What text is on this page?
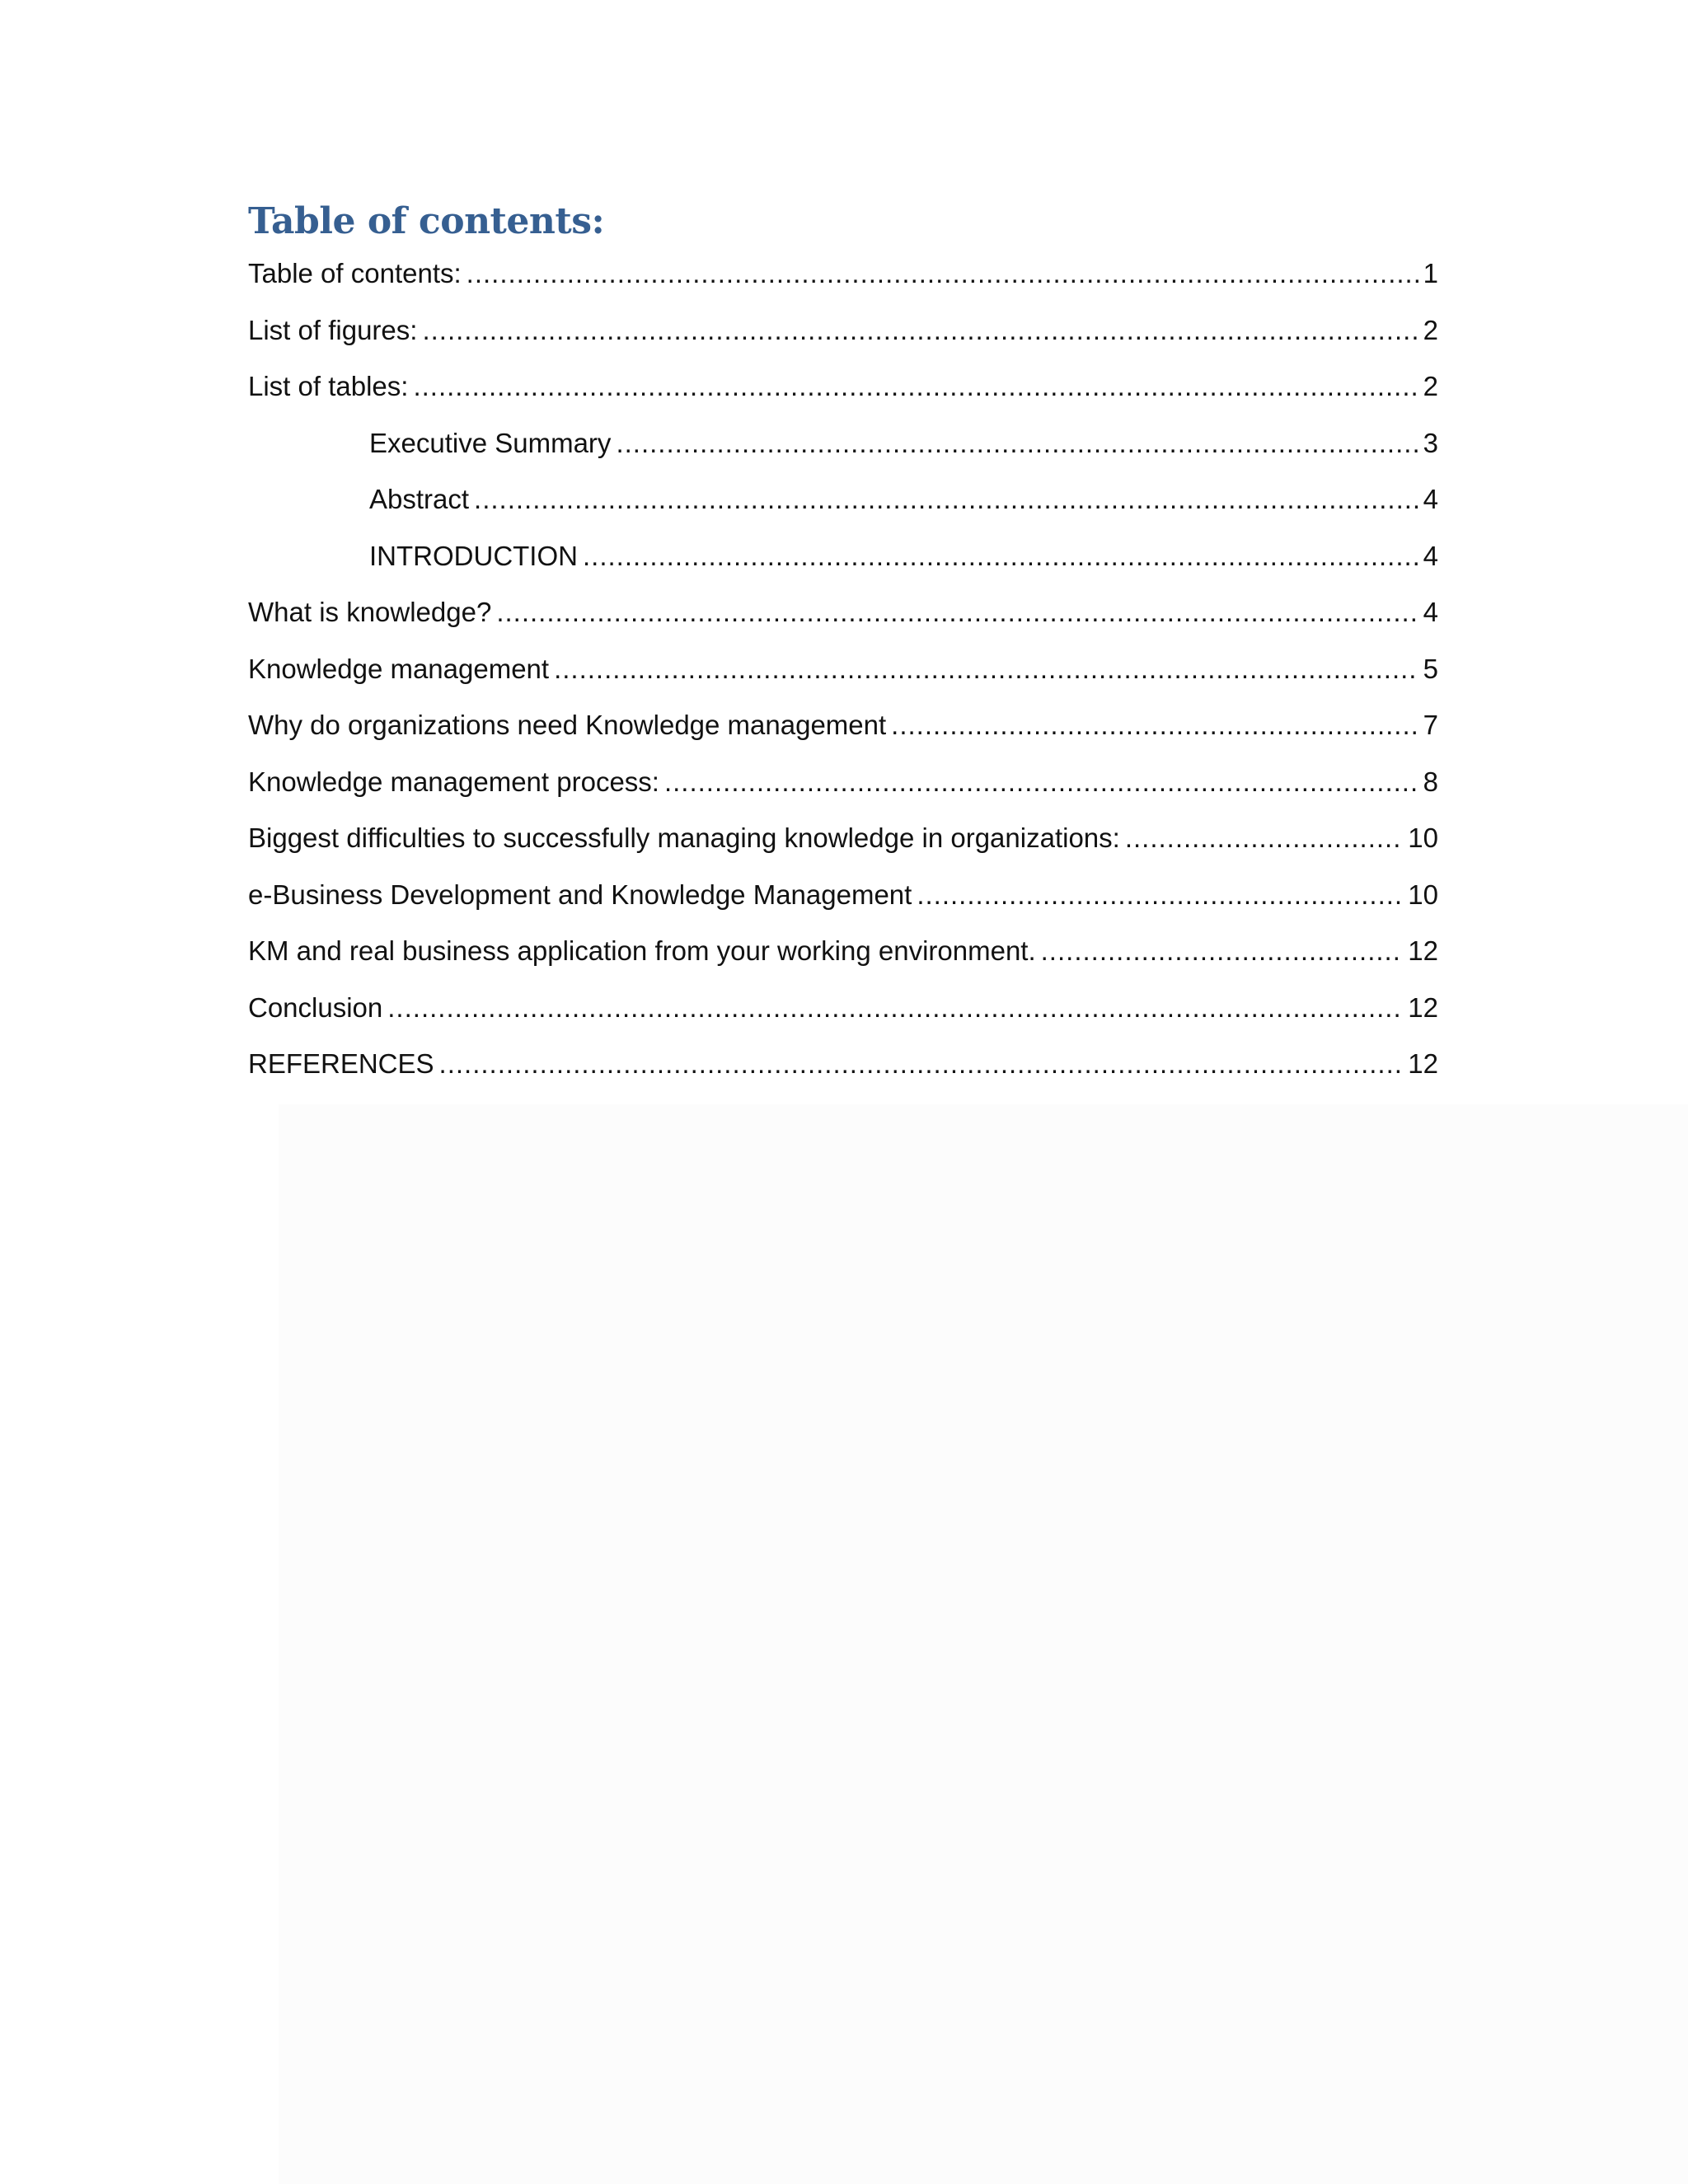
Table of contents:
Table of contents: .....	1
List of figures: .....	2
List of tables: .....	2
Executive Summary .....	3
Abstract .....	4
INTRODUCTION .....	4
What is knowledge? .....	4
Knowledge management .....	5
Why do organizations need Knowledge management .....	7
Knowledge management process: .....	8
Biggest difficulties to successfully managing knowledge in organizations: .....	10
e-Business Development and Knowledge Management .....	10
KM and real business application from your working environment. .....	12
Conclusion .....	12
REFERENCES .....	12
